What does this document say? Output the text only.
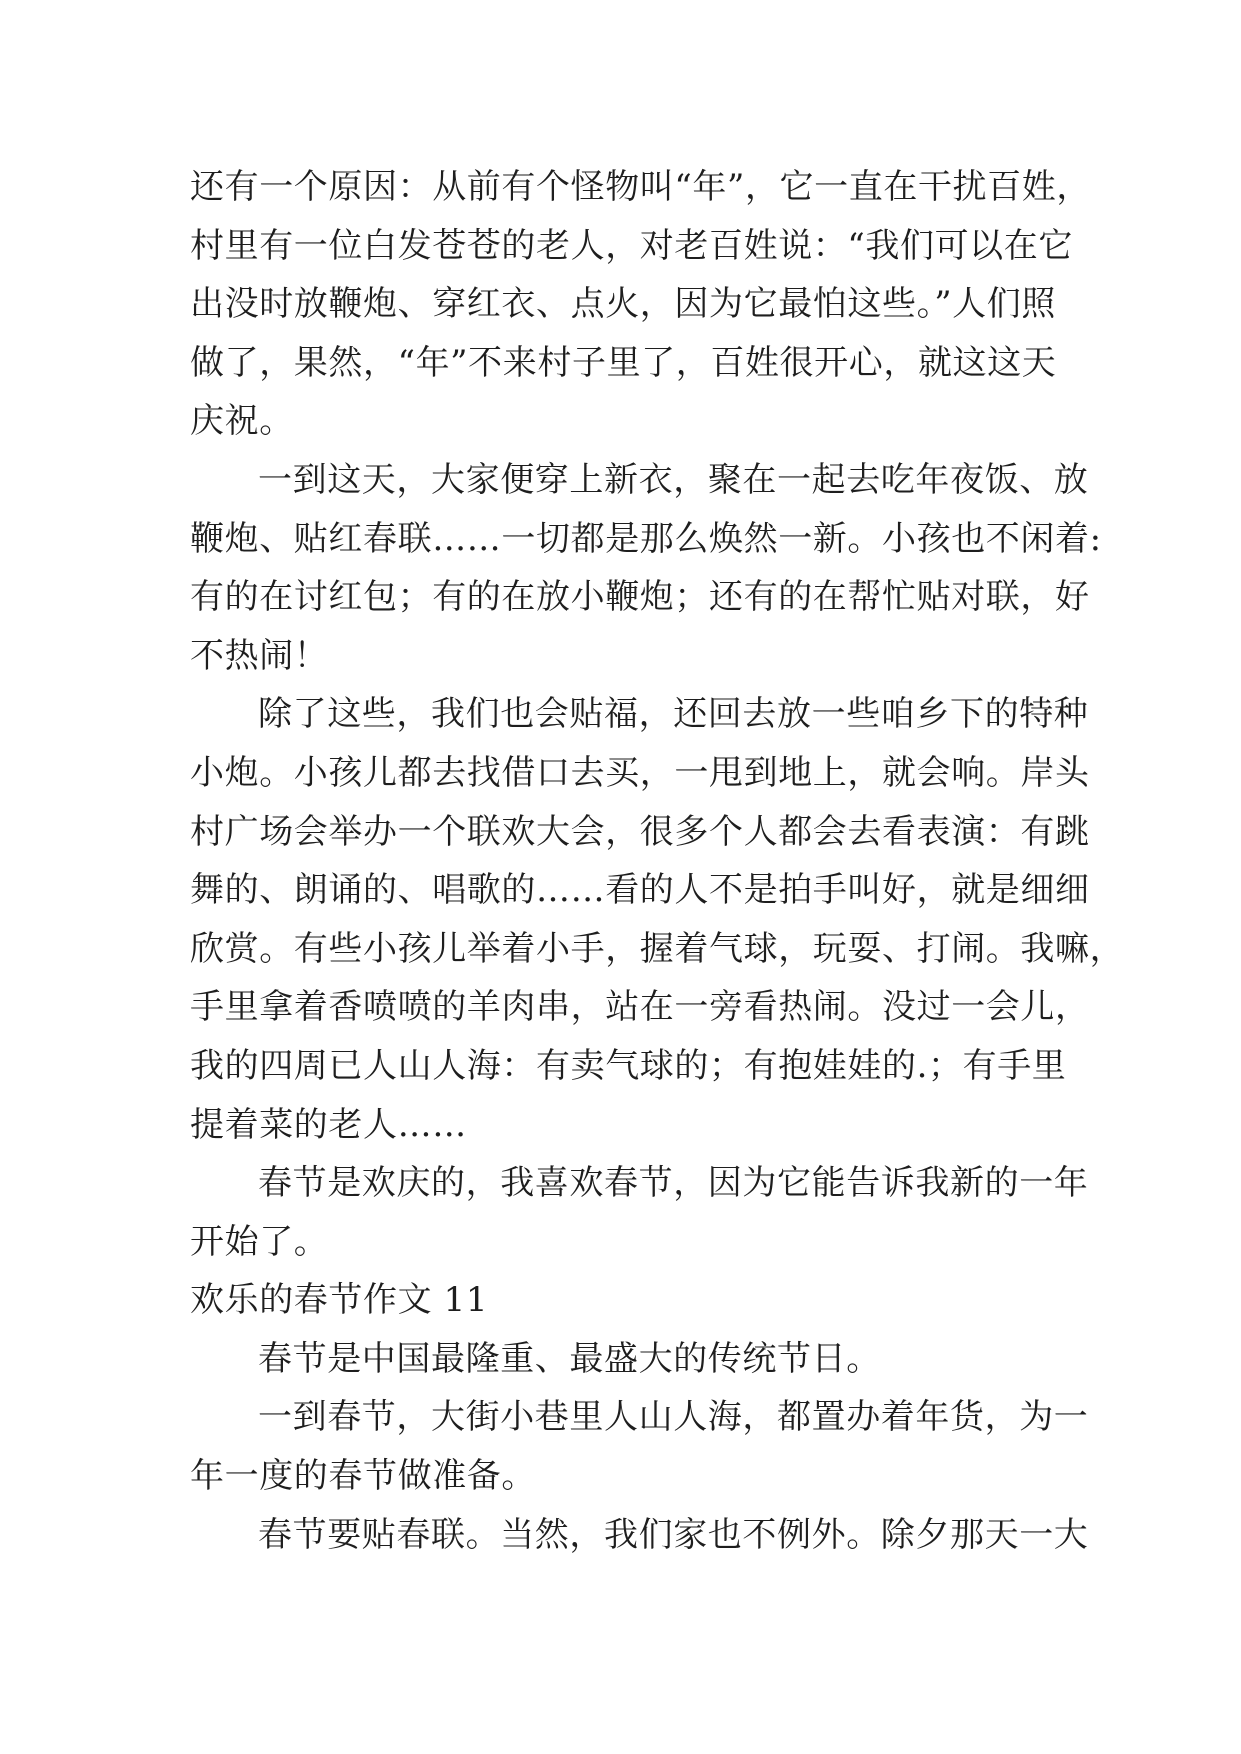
还有一个原因：从前有个怪物叫“年”，它一直在干扰百姓，
村里有一位白发苍苍的老人，对老百姓说：“我们可以在它
出没时放鞭炮、穿红衣、点火，因为它最怕这些。”人们照
做了，果然，“年”不来村子里了，百姓很开心，就这这天
庆祝。
一到这天，大家便穿上新衣，聚在一起去吃年夜饭、放
鞭炮、贴红春联……一切都是那么焕然一新。小孩也不闲着:
有的在讨红包；有的在放小鞭炮；还有的在帮忙贴对联，好
不热闹！
除了这些，我们也会贴福，还回去放一些咱乡下的特种
小炮。小孩儿都去找借口去买，一甩到地上，就会响。岸头
村广场会举办一个联欢大会，很多个人都会去看表演：有跳
舞的、朗诵的、唱歌的……看的人不是拍手叫好，就是细细
欣赏。有些小孩儿举着小手，握着气球，玩耍、打闹。我嘛，
手里拿着香喷喷的羊肉串，站在一旁看热闹。没过一会儿，
我的四周已人山人海：有卖气球的；有抱娃娃的.；有手里
提着菜的老人……
春节是欢庆的，我喜欢春节，因为它能告诉我新的一年
开始了。
欢乐的春节作文 11
春节是中国最隆重、最盛大的传统节日。
一到春节，大街小巷里人山人海，都置办着年货，为一
年一度的春节做准备。
春节要贴春联。当然，我们家也不例外。除夕那天一大
